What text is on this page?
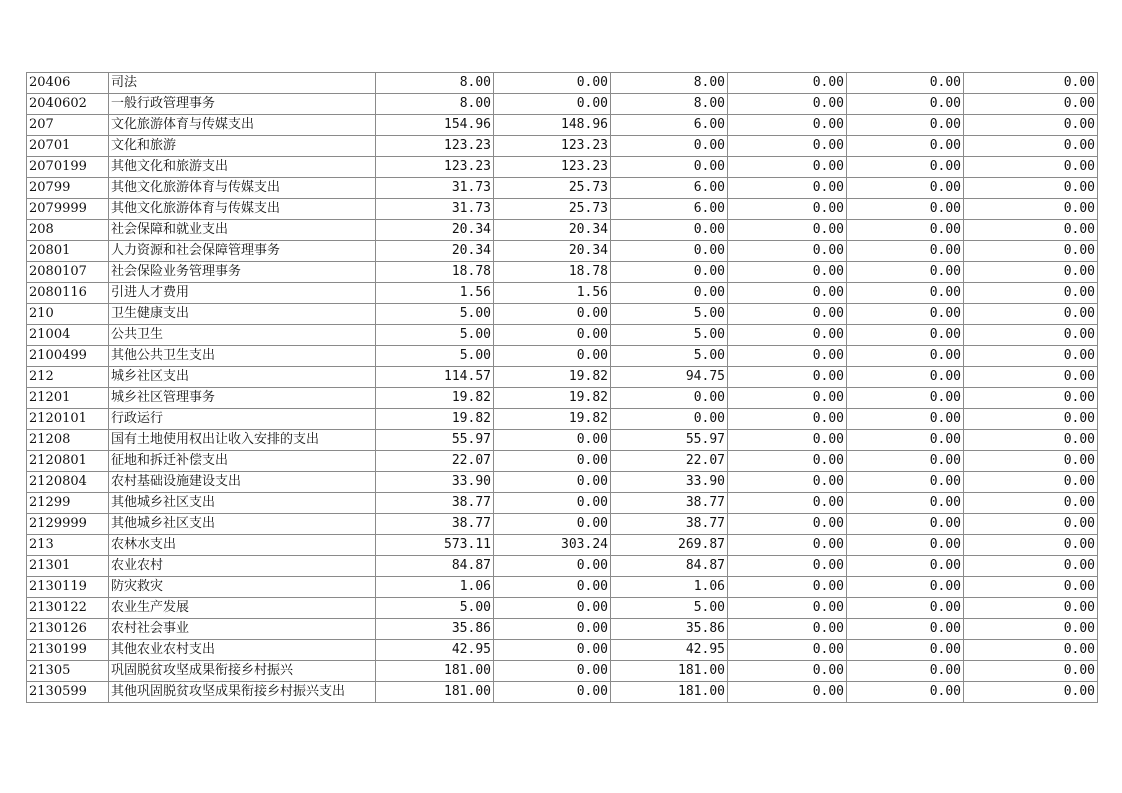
20406	司法	8.00	0.00	8.00	0.00	0.00	0.00
2040602	一般行政管理事务	8.00	0.00	8.00	0.00	0.00	0.00
207	文化旅游体育与传媒支出	154.96	148.96	6.00	0.00	0.00	0.00
20701	文化和旅游	123.23	123.23	0.00	0.00	0.00	0.00
2070199	其他文化和旅游支出	123.23	123.23	0.00	0.00	0.00	0.00
20799	其他文化旅游体育与传媒支出	31.73	25.73	6.00	0.00	0.00	0.00
2079999	其他文化旅游体育与传媒支出	31.73	25.73	6.00	0.00	0.00	0.00
208	社会保障和就业支出	20.34	20.34	0.00	0.00	0.00	0.00
20801	人力资源和社会保障管理事务	20.34	20.34	0.00	0.00	0.00	0.00
2080107	社会保险业务管理事务	18.78	18.78	0.00	0.00	0.00	0.00
2080116	引进人才费用	1.56	1.56	0.00	0.00	0.00	0.00
210	卫生健康支出	5.00	0.00	5.00	0.00	0.00	0.00
21004	公共卫生	5.00	0.00	5.00	0.00	0.00	0.00
2100499	其他公共卫生支出	5.00	0.00	5.00	0.00	0.00	0.00
212	城乡社区支出	114.57	19.82	94.75	0.00	0.00	0.00
21201	城乡社区管理事务	19.82	19.82	0.00	0.00	0.00	0.00
2120101	行政运行	19.82	19.82	0.00	0.00	0.00	0.00
21208	国有土地使用权出让收入安排的支出	55.97	0.00	55.97	0.00	0.00	0.00
2120801	征地和拆迁补偿支出	22.07	0.00	22.07	0.00	0.00	0.00
2120804	农村基础设施建设支出	33.90	0.00	33.90	0.00	0.00	0.00
21299	其他城乡社区支出	38.77	0.00	38.77	0.00	0.00	0.00
2129999	其他城乡社区支出	38.77	0.00	38.77	0.00	0.00	0.00
213	农林水支出	573.11	303.24	269.87	0.00	0.00	0.00
21301	农业农村	84.87	0.00	84.87	0.00	0.00	0.00
2130119	防灾救灾	1.06	0.00	1.06	0.00	0.00	0.00
2130122	农业生产发展	5.00	0.00	5.00	0.00	0.00	0.00
2130126	农村社会事业	35.86	0.00	35.86	0.00	0.00	0.00
2130199	其他农业农村支出	42.95	0.00	42.95	0.00	0.00	0.00
21305	巩固脱贫攻坚成果衔接乡村振兴	181.00	0.00	181.00	0.00	0.00	0.00
2130599	其他巩固脱贫攻坚成果衔接乡村振兴支出	181.00	0.00	181.00	0.00	0.00	0.00
